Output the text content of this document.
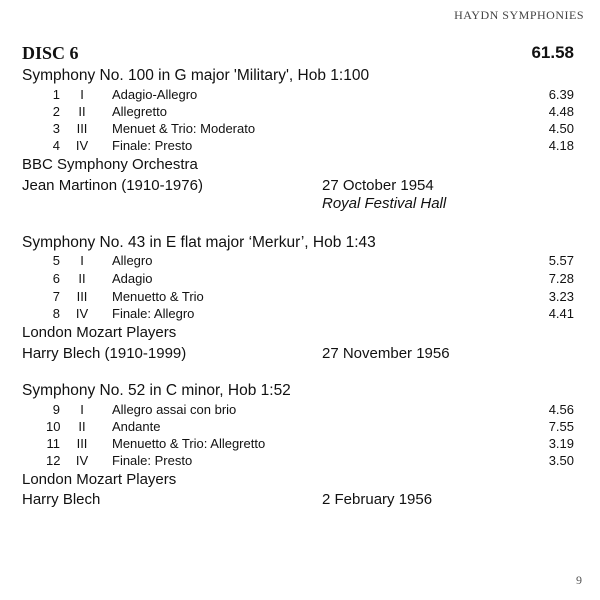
HAYDN SYMPHONIES
DISC 6	61.58
Symphony No. 100 in G major 'Military', Hob 1:100
1	I	Adagio-Allegro	6.39
2	II	Allegretto	4.48
3	III	Menuet & Trio: Moderato	4.50
4 IV Finale: Presto	4.18
BBC Symphony Orchestra
Jean Martinon (1910-1976)	27 October 1954
Royal Festival Hall
Symphony No. 43 in E flat major ‘Merkur’, Hob 1:43
5	I	Allegro	5.57
6	II	Adagio	7.28
7	III	Menuetto & Trio	3.23
8 IV Finale: Allegro	4.41
London Mozart Players
Harry Blech (1910-1999)	27 November 1956
Symphony No. 52 in C minor, Hob 1:52
9	I	Allegro assai con brio	4.56
10	II	Andante	7.55
11	III	Menuetto & Trio: Allegretto	3.19
12 IV Finale: Presto	3.50
London Mozart Players
Harry Blech	2 February 1956
9
